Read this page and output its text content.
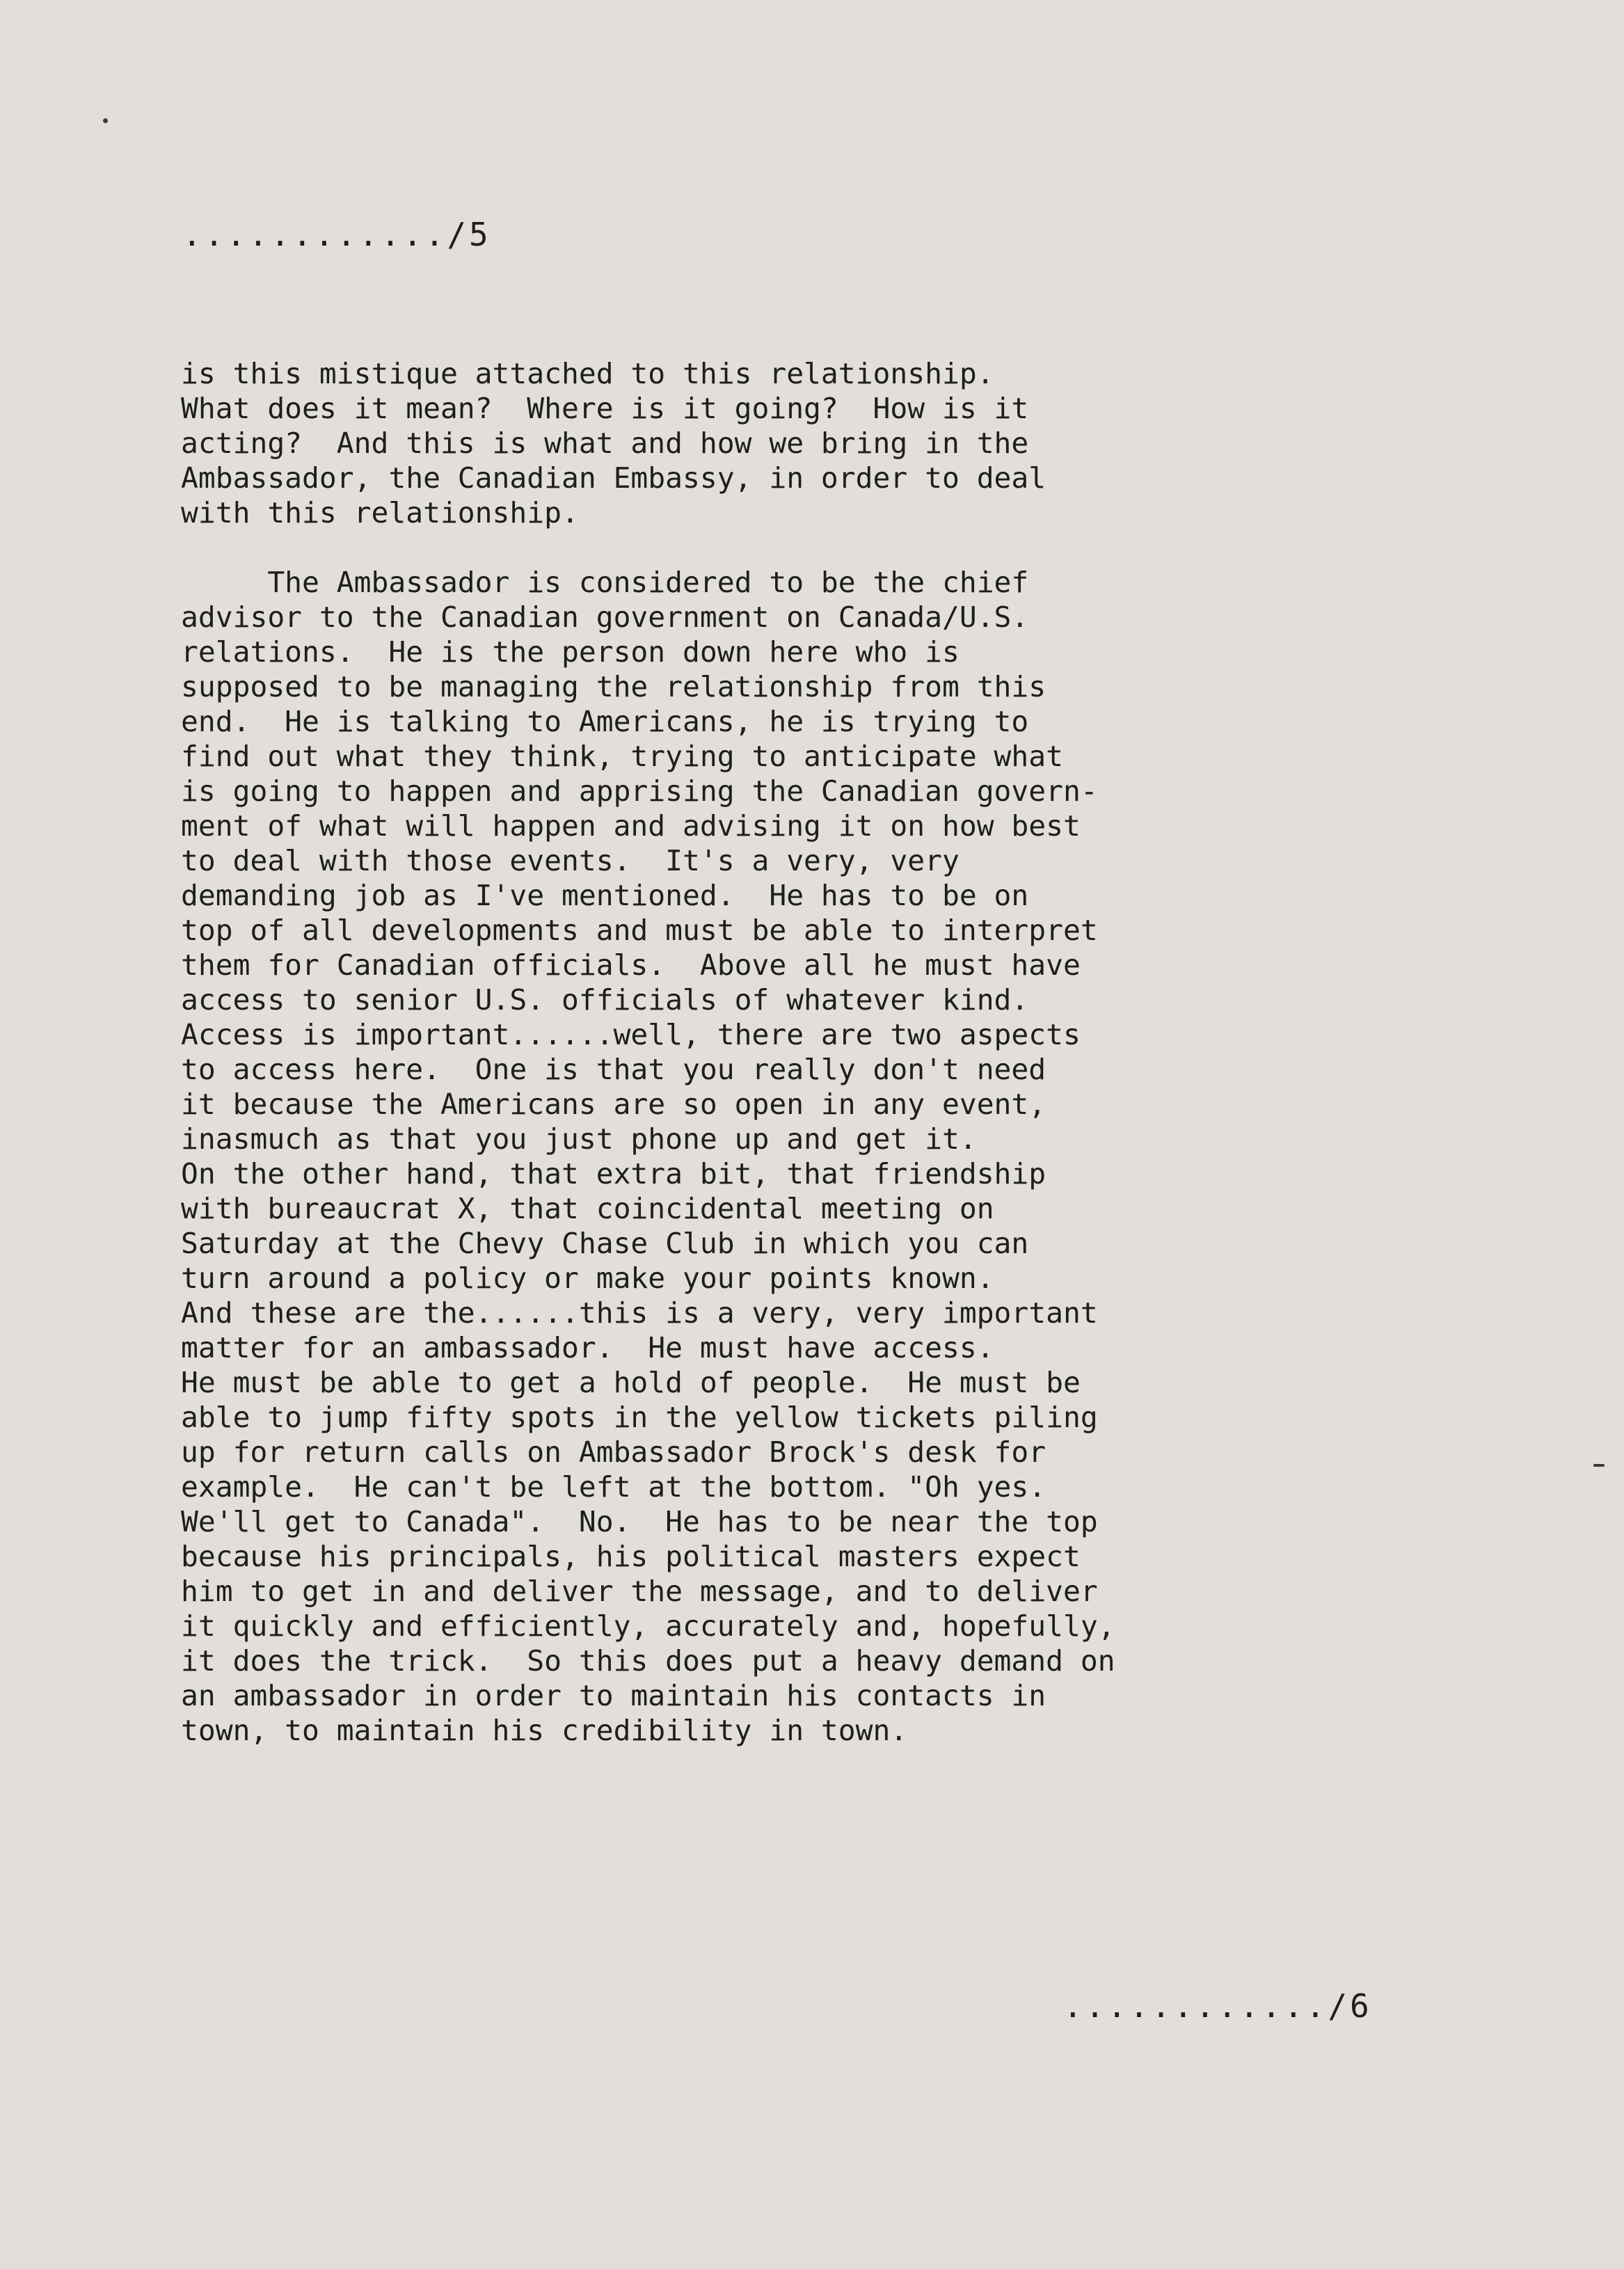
............/5
is this mistique attached to this relationship.
What does it mean?  Where is it going?  How is it
acting?  And this is what and how we bring in the
Ambassador, the Canadian Embassy, in order to deal
with this relationship.
The Ambassador is considered to be the chief
advisor to the Canadian government on Canada/U.S.
relations.  He is the person down here who is
supposed to be managing the relationship from this
end.  He is talking to Americans, he is trying to
find out what they think, trying to anticipate what
is going to happen and apprising the Canadian govern-
ment of what will happen and advising it on how best
to deal with those events.  It's a very, very
demanding job as I've mentioned.  He has to be on
top of all developments and must be able to interpret
them for Canadian officials.  Above all he must have
access to senior U.S. officials of whatever kind.
Access is important......well, there are two aspects
to access here.  One is that you really don't need
it because the Americans are so open in any event,
inasmuch as that you just phone up and get it.
On the other hand, that extra bit, that friendship
with bureaucrat X, that coincidental meeting on
Saturday at the Chevy Chase Club in which you can
turn around a policy or make your points known.
And these are the......this is a very, very important
matter for an ambassador.  He must have access.
He must be able to get a hold of people.  He must be
able to jump fifty spots in the yellow tickets piling
up for return calls on Ambassador Brock's desk for
example.  He can't be left at the bottom. "Oh yes.
We'll get to Canada".  No.  He has to be near the top
because his principals, his political masters expect
him to get in and deliver the message, and to deliver
it quickly and efficiently, accurately and, hopefully,
it does the trick.  So this does put a heavy demand on
an ambassador in order to maintain his contacts in
town, to maintain his credibility in town.
............/6
